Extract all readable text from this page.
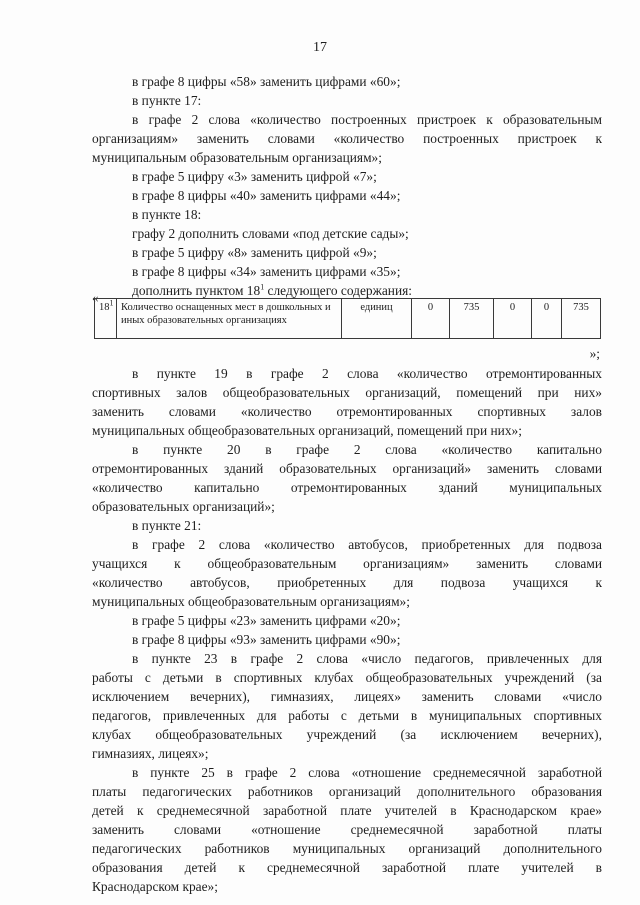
17
в графе 8 цифры «58» заменить цифрами «60»;
в пункте 17:
в графе 2 слова «количество построенных пристроек к образовательным
организациям» заменить словами «количество построенных пристроек к
муниципальным образовательным организациям»;
в графе 5 цифру «3» заменить цифрой «7»;
в графе 8 цифры «40» заменить цифрами «44»;
в пункте 18:
графу 2 дополнить словами «под детские сады»;
в графе 5 цифру «8» заменить цифрой «9»;
в графе 8 цифры «34» заменить цифрами «35»;
дополнить пунктом $18^1$ следующего содержания:
«
$18^1$	Количество оснащенных мест в дошкольных и иных образовательных организациях	единиц	0	735	0	0	735
»;
в пункте 19 в графе 2 слова «количество отремонтированных
спортивных залов общеобразовательных организаций, помещений при них»
заменить словами «количество отремонтированных спортивных залов
муниципальных общеобразовательных организаций, помещений при них»;
в пункте 20 в графе 2 слова «количество капитально
отремонтированных зданий образовательных организаций» заменить словами
«количество капитально отремонтированных зданий муниципальных
образовательных организаций»;
в пункте 21:
в графе 2 слова «количество автобусов, приобретенных для подвоза
учащихся к общеобразовательным организациям» заменить словами
«количество автобусов, приобретенных для подвоза учащихся к
муниципальных общеобразовательным организациям»;
в графе 5 цифры «23» заменить цифрами «20»;
в графе 8 цифры «93» заменить цифрами «90»;
в пункте 23 в графе 2 слова «число педагогов, привлеченных для
работы с детьми в спортивных клубах общеобразовательных учреждений (за
исключением вечерних), гимназиях, лицеях» заменить словами «число
педагогов, привлеченных для работы с детьми в муниципальных спортивных
клубах общеобразовательных учреждений (за исключением вечерних),
гимназиях, лицеях»;
в пункте 25 в графе 2 слова «отношение среднемесячной заработной
платы педагогических работников организаций дополнительного образования
детей к среднемесячной заработной плате учителей в Краснодарском крае»
заменить словами «отношение среднемесячной заработной платы
педагогических работников муниципальных организаций дополнительного
образования детей к среднемесячной заработной плате учителей в
Краснодарском крае»;
